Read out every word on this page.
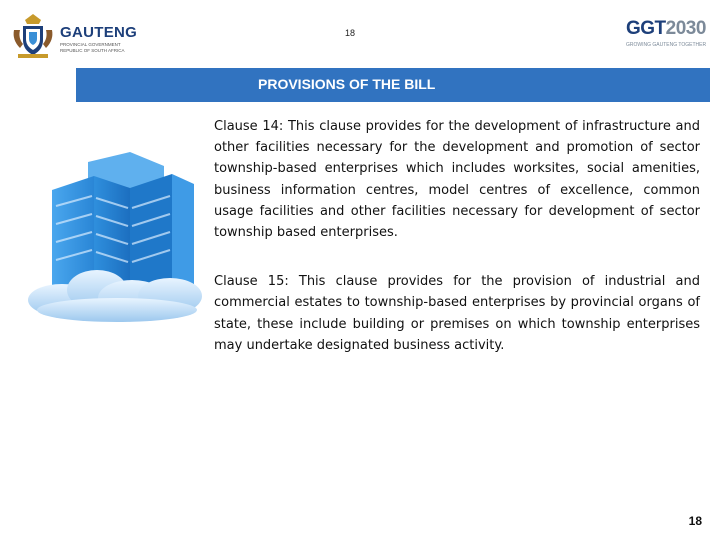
GAUTENG
PROVINCIAL GOVERNMENT
REPUBLIC OF SOUTH AFRICA
18	GGT2030
GROWING GAUTENG TOGETHER
PROVISIONS OF THE BILL

Clause 14: This clause provides for the development of infrastructure and other facilities necessary for the development and promotion of sector township-based enterprises which includes worksites, social amenities, business information centres, model centres of excellence, common usage facilities and other facilities necessary for development of sector township based enterprises.

Clause 15: This clause provides for the provision of industrial and commercial estates to township-based enterprises by provincial organs of state, these include building or premises on which township enterprises may undertake designated business activity.

18
